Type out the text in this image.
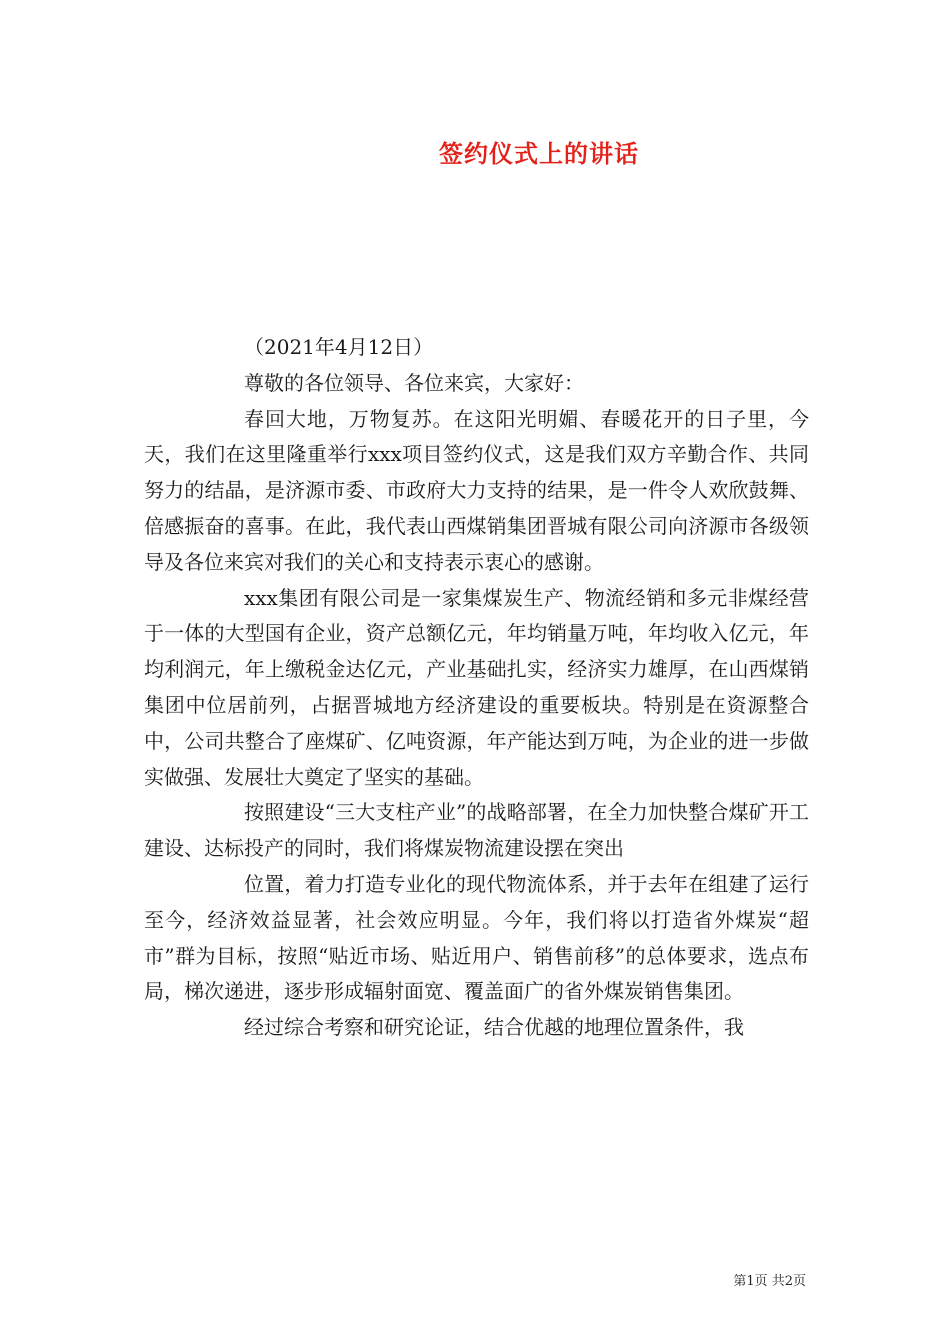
签约仪式上的讲话

（2021年4月12日）

尊敬的各位领导、各位来宾，大家好：

春回大地，万物复苏。在这阳光明媚、春暖花开的日子里，今天，我们在这里隆重举行xxx项目签约仪式，这是我们双方辛勤合作、共同努力的结晶，是济源市委、市政府大力支持的结果，是一件令人欢欣鼓舞、倍感振奋的喜事。在此，我代表山西煤销集团晋城有限公司向济源市各级领导及各位来宾对我们的关心和支持表示衷心的感谢。

xxx集团有限公司是一家集煤炭生产、物流经销和多元非煤经营于一体的大型国有企业，资产总额亿元，年均销量万吨，年均收入亿元，年均利润元，年上缴税金达亿元，产业基础扎实，经济实力雄厚，在山西煤销集团中位居前列，占据晋城地方经济建设的重要板块。特别是在资源整合中，公司共整合了座煤矿、亿吨资源，年产能达到万吨，为企业的进一步做实做强、发展壮大奠定了坚实的基础。

按照建设“三大支柱产业”的战略部署，在全力加快整合煤矿开工建设、达标投产的同时，我们将煤炭物流建设摆在突出

位置，着力打造专业化的现代物流体系，并于去年在组建了运行至今，经济效益显著，社会效应明显。今年，我们将以打造省外煤炭“超市”群为目标，按照“贴近市场、贴近用户、销售前移”的总体要求，选点布局，梯次递进，逐步形成辐射面宽、覆盖面广的省外煤炭销售集团。

经过综合考察和研究论证，结合优越的地理位置条件，我

第1页 共2页
